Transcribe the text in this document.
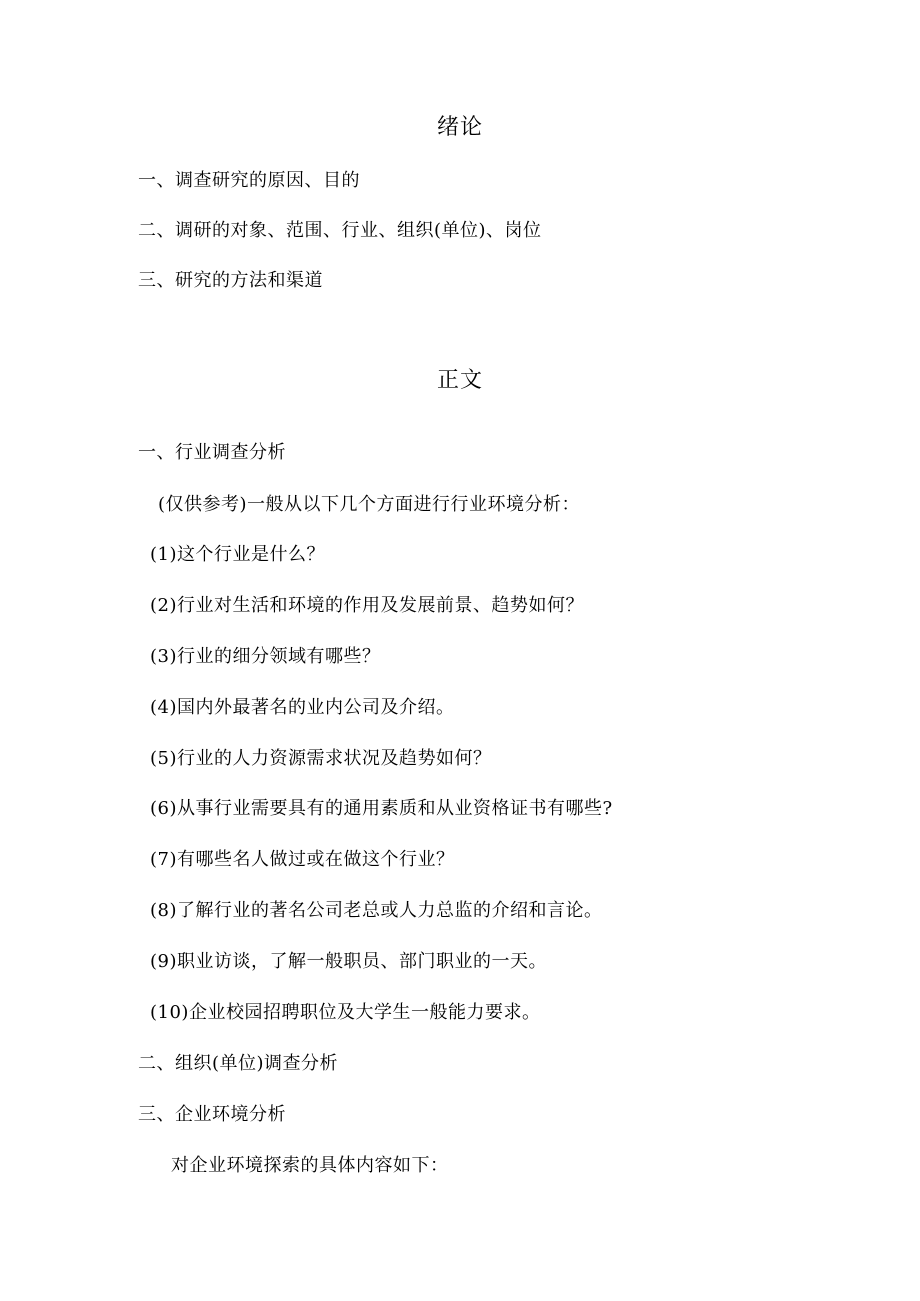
绪论
一、调查研究的原因、目的
二、调研的对象、范围、行业、组织(单位)、岗位
三、研究的方法和渠道
正文
一、行业调查分析
(仅供参考)一般从以下几个方面进行行业环境分析：
(1)这个行业是什么？
(2)行业对生活和环境的作用及发展前景、趋势如何？
(3)行业的细分领域有哪些？
(4)国内外最著名的业内公司及介绍。
(5)行业的人力资源需求状况及趋势如何？
(6)从事行业需要具有的通用素质和从业资格证书有哪些?
(7)有哪些名人做过或在做这个行业？
(8)了解行业的著名公司老总或人力总监的介绍和言论。
(9)职业访谈，了解一般职员、部门职业的一天。
(10)企业校园招聘职位及大学生一般能力要求。
二、组织(单位)调查分析
三、企业环境分析
对企业环境探索的具体内容如下：
